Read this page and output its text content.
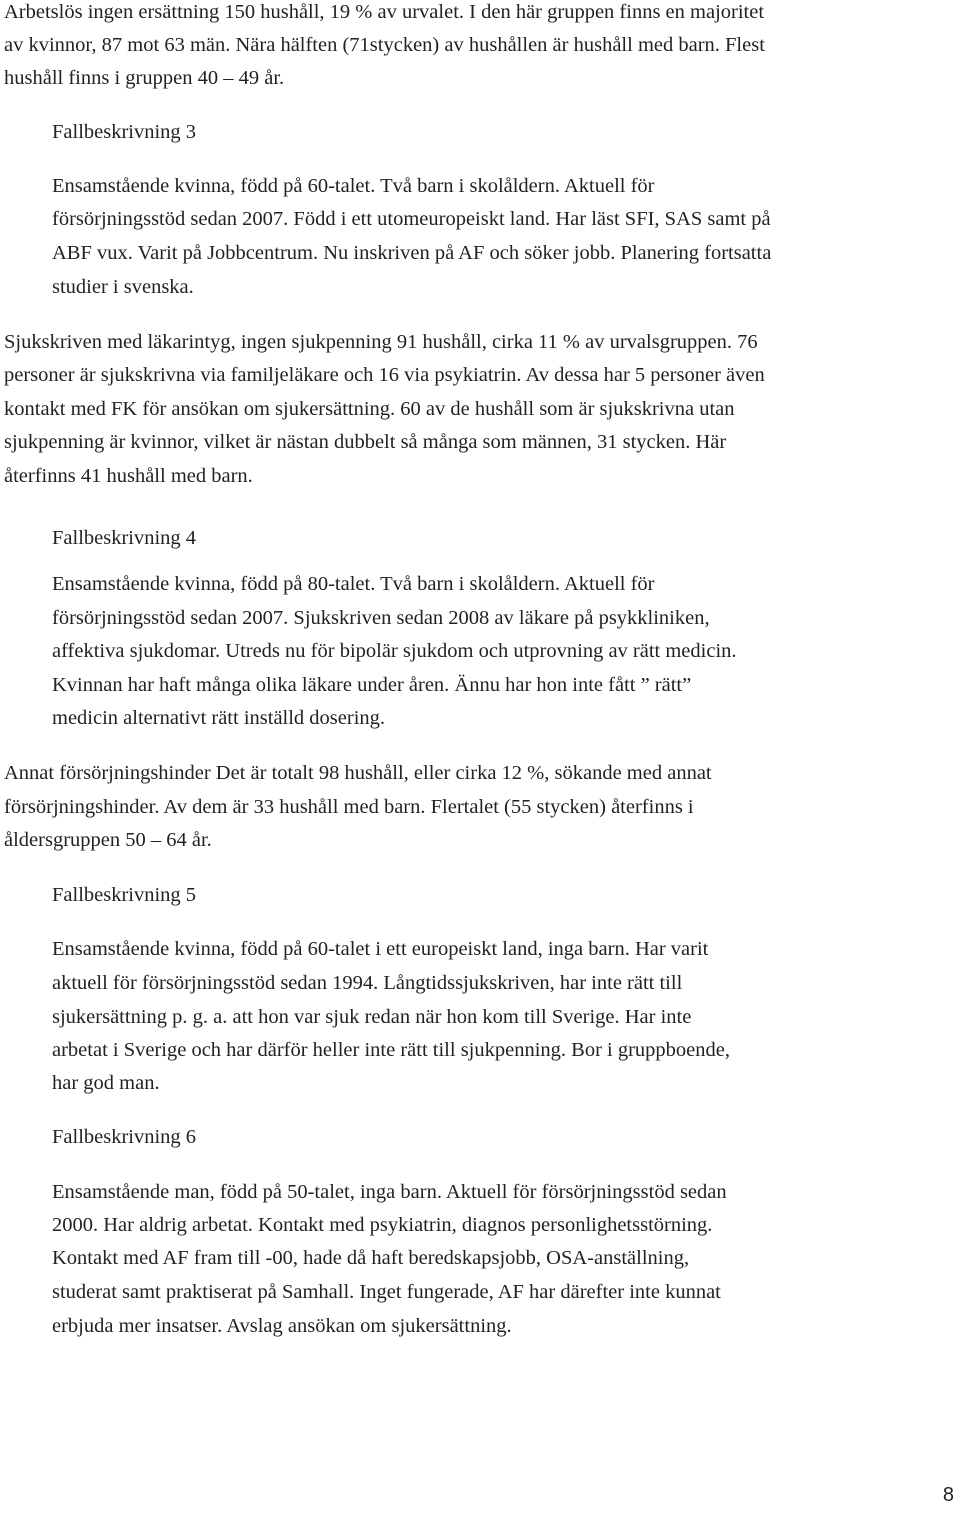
Arbetslös ingen ersättning 150 hushåll, 19 % av urvalet. I den här gruppen finns en majoritet
av kvinnor, 87 mot 63 män. Nära hälften (71stycken) av hushållen är hushåll med barn. Flest
hushåll finns i gruppen 40 – 49 år.
Fallbeskrivning 3
Ensamstående kvinna, född på 60-talet. Två barn i skolåldern. Aktuell för
försörjningsstöd sedan 2007. Född i ett utomeuropeiskt land. Har läst SFI, SAS samt på
ABF vux. Varit på Jobbcentrum. Nu inskriven på AF och söker jobb. Planering fortsatta
studier i svenska.
Sjukskriven med läkarintyg, ingen sjukpenning 91 hushåll, cirka 11 % av urvalsgruppen. 76
personer är sjukskrivna via familjeläkare och 16 via psykiatrin. Av dessa har 5 personer även
kontakt med FK för ansökan om sjukersättning. 60 av de hushåll som är sjukskrivna utan
sjukpenning är kvinnor, vilket är nästan dubbelt så många som männen, 31 stycken. Här
återfinns 41 hushåll med barn.
Fallbeskrivning 4
Ensamstående kvinna, född på 80-talet. Två barn i skolåldern. Aktuell för
försörjningsstöd sedan 2007. Sjukskriven sedan 2008 av läkare på psykkliniken,
affektiva sjukdomar. Utreds nu för bipolär sjukdom och utprovning av rätt medicin.
Kvinnan har haft många olika läkare under åren. Ännu har hon inte fått ” rätt”
medicin alternativt rätt inställd dosering.
Annat försörjningshinder Det är totalt 98 hushåll, eller cirka 12 %, sökande med annat
försörjningshinder. Av dem är 33 hushåll med barn. Flertalet (55 stycken) återfinns i
åldersgruppen 50 – 64 år.
Fallbeskrivning 5
Ensamstående kvinna, född på 60-talet i ett europeiskt land, inga barn. Har varit
aktuell för försörjningsstöd sedan 1994. Långtidssjukskriven, har inte rätt till
sjukersättning p. g. a. att hon var sjuk redan när hon kom till Sverige. Har inte
arbetat i Sverige och har därför heller inte rätt till sjukpenning. Bor i gruppboende,
har god man.
Fallbeskrivning 6
Ensamstående man, född på 50-talet, inga barn. Aktuell för försörjningsstöd sedan
2000. Har aldrig arbetat. Kontakt med psykiatrin, diagnos personlighetsstörning.
Kontakt med AF fram till -00, hade då haft beredskapsjobb, OSA-anställning,
studerat samt praktiserat på Samhall. Inget fungerade, AF har därefter inte kunnat
erbjuda mer insatser. Avslag ansökan om sjukersättning.
8
